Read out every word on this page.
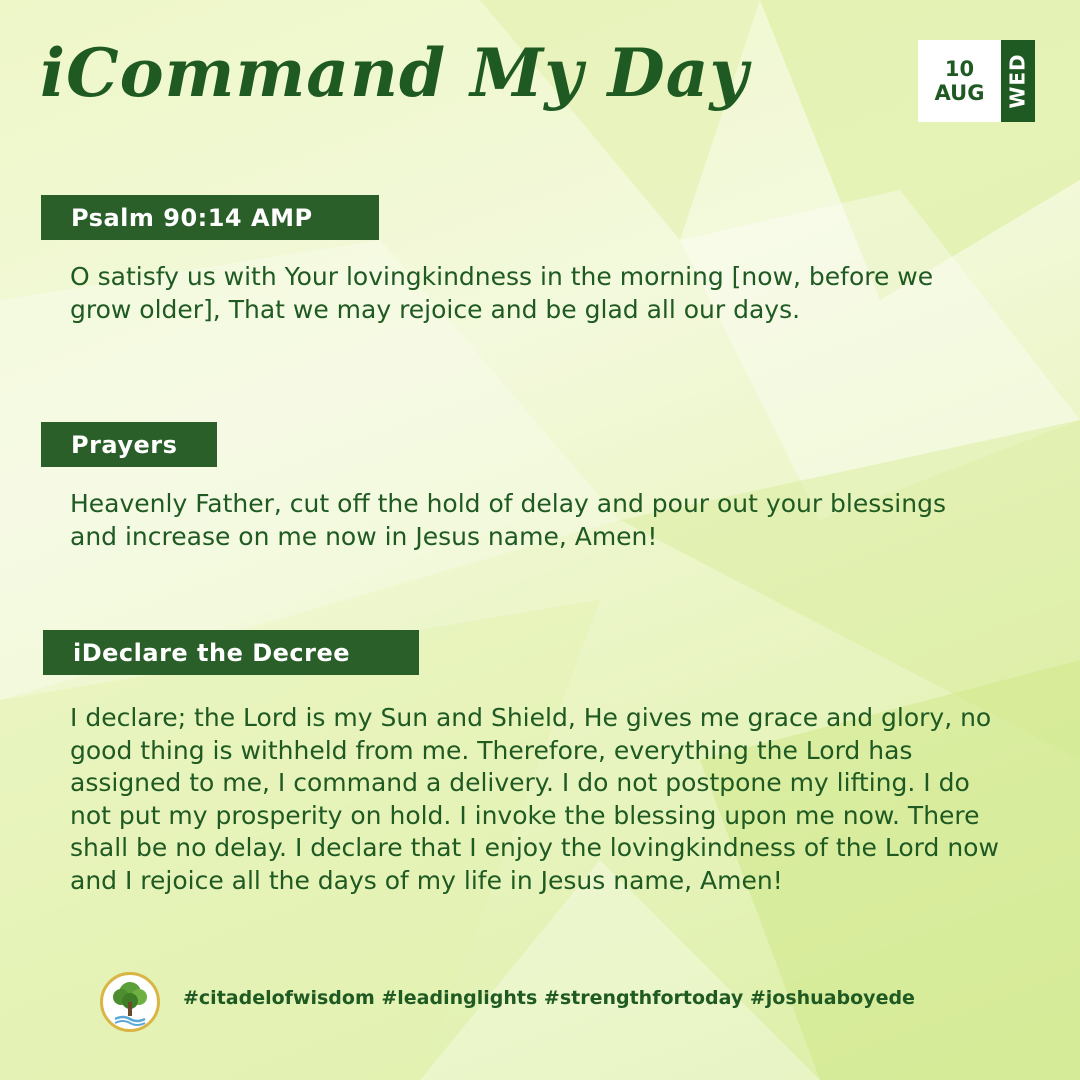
iCommand My Day	10
AUG WED
Psalm 90:14 AMP

O satisfy us with Your lovingkindness in the morning [now, before we grow older], That we may rejoice and be glad all our days.

Prayers

Heavenly Father, cut off the hold of delay and pour out your blessings and increase on me now in Jesus name, Amen!

iDeclare the Decree

I declare; the Lord is my Sun and Shield, He gives me grace and glory, no good thing is withheld from me. Therefore, everything the Lord has assigned to me, I command a delivery. I do not postpone my lifting. I do not put my prosperity on hold. I invoke the blessing upon me now. There shall be no delay. I declare that I enjoy the lovingkindness of the Lord now and I rejoice all the days of my life in Jesus name, Amen!

#citadelofwisdom #leadinglights #strengthfortoday #joshuaboyede
